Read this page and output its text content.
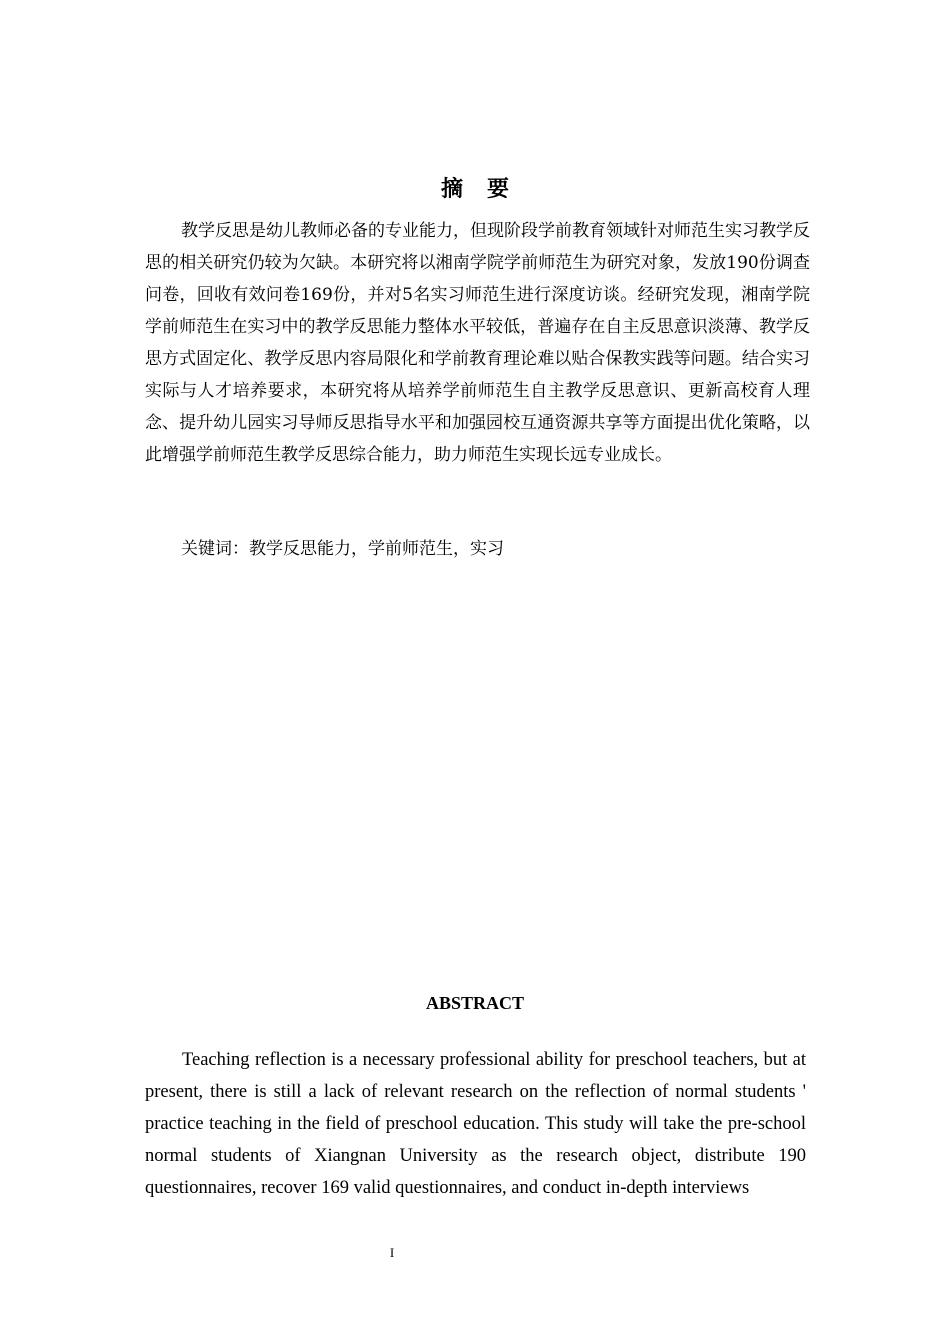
摘要

教学反思是幼儿教师必备的专业能力，但现阶段学前教育领域针对师范生实习教学反思的相关研究仍较为欠缺。本研究将以湘南学院学前师范生为研究对象，发放190份调查问卷，回收有效问卷169份，并对5名实习师范生进行深度访谈。经研究发现，湘南学院学前师范生在实习中的教学反思能力整体水平较低，普遍存在自主反思意识淡薄、教学反思方式固定化、教学反思内容局限化和学前教育理论难以贴合保教实践等问题。结合实习实际与人才培养要求，本研究将从培养学前师范生自主教学反思意识、更新高校育人理念、提升幼儿园实习导师反思指导水平和加强园校互通资源共享等方面提出优化策略，以此增强学前师范生教学反思综合能力，助力师范生实现长远专业成长。

关键词：教学反思能力，学前师范生，实习

ABSTRACT

Teaching reflection is a necessary professional ability for preschool teachers, but at present, there is still a lack of relevant research on the reflection of normal students ' practice teaching in the field of preschool education. This study will take the pre-school normal students of Xiangnan University as the research object, distribute 190 questionnaires, recover 169 valid questionnaires, and conduct in-depth interviews

I
